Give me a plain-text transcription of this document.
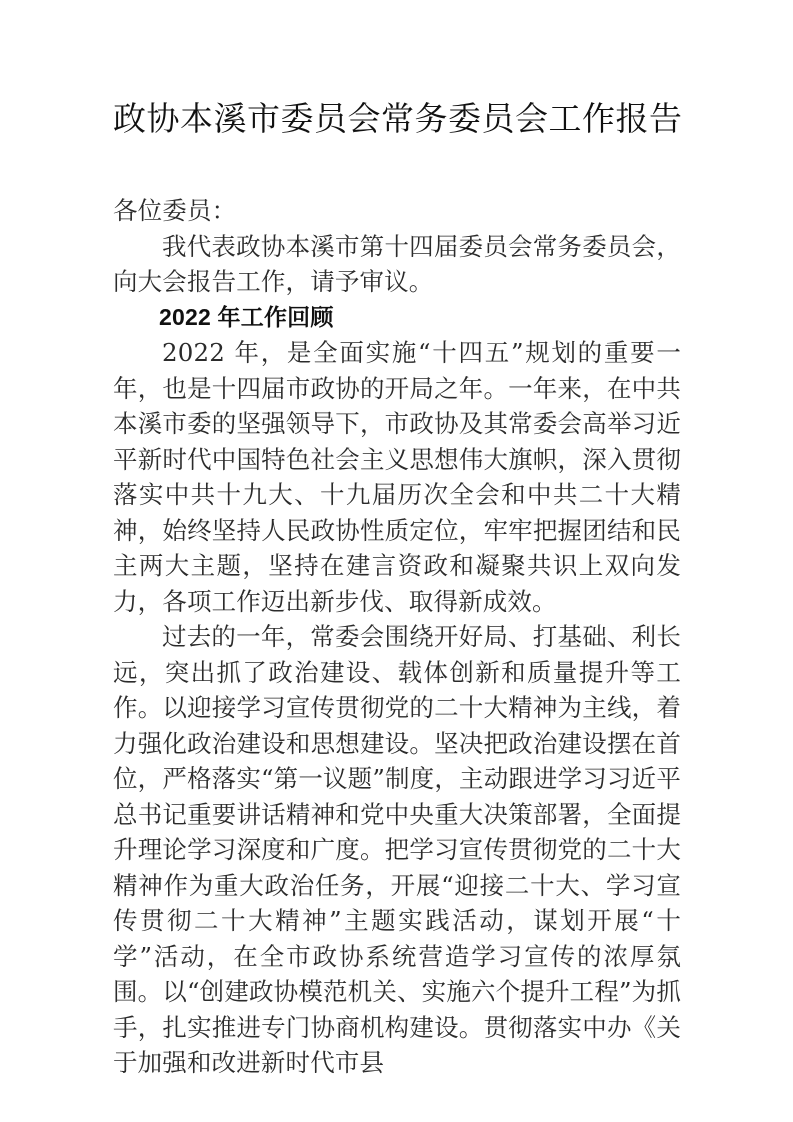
政协本溪市委员会常务委员会工作报告

各位委员：

我代表政协本溪市第十四届委员会常务委员会，向大会报告工作，请予审议。

2022 年工作回顾

2022 年，是全面实施“十四五”规划的重要一年，也是十四届市政协的开局之年。一年来，在中共本溪市委的坚强领导下，市政协及其常委会高举习近平新时代中国特色社会主义思想伟大旗帜，深入贯彻落实中共十九大、十九届历次全会和中共二十大精神，始终坚持人民政协性质定位，牢牢把握团结和民主两大主题，坚持在建言资政和凝聚共识上双向发力，各项工作迈出新步伐、取得新成效。

过去的一年，常委会围绕开好局、打基础、利长远，突出抓了政治建设、载体创新和质量提升等工作。以迎接学习宣传贯彻党的二十大精神为主线，着力强化政治建设和思想建设。坚决把政治建设摆在首位，严格落实“第一议题”制度，主动跟进学习习近平总书记重要讲话精神和党中央重大决策部署，全面提升理论学习深度和广度。把学习宣传贯彻党的二十大精神作为重大政治任务，开展“迎接二十大、学习宣传贯彻二十大精神”主题实践活动，谋划开展“十学”活动，在全市政协系统营造学习宣传的浓厚氛围。以“创建政协模范机关、实施六个提升工程”为抓手，扎实推进专门协商机构建设。贯彻落实中办《关于加强和改进新时代市县
